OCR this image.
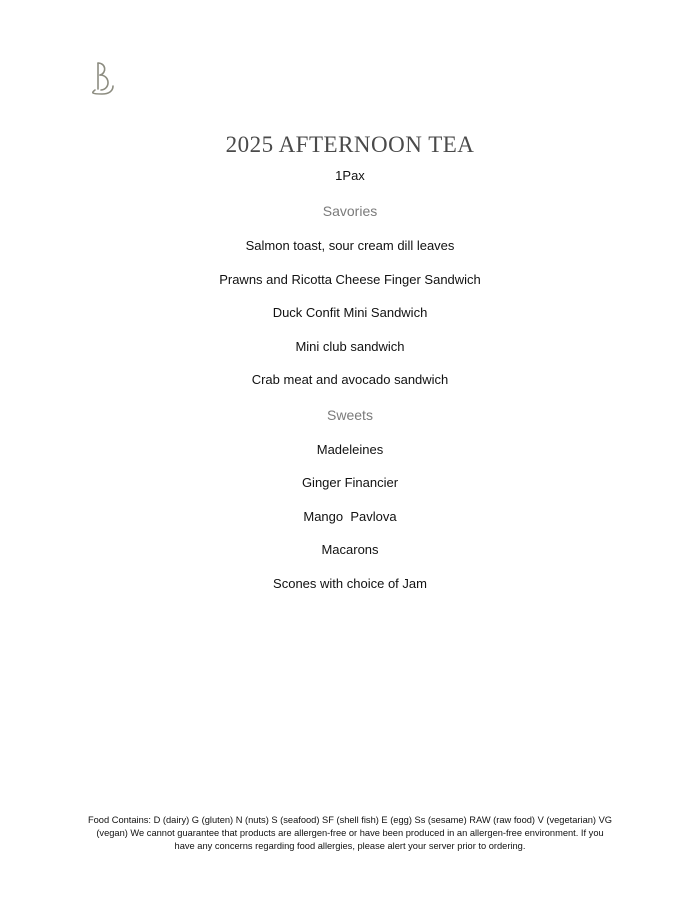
2025 AFTERNOON TEA
1Pax
Savories
Salmon toast, sour cream dill leaves
Prawns and Ricotta Cheese Finger Sandwich
Duck Confit Mini Sandwich
Mini club sandwich
Crab meat and avocado sandwich
Sweets
Madeleines
Ginger Financier
Mango  Pavlova
Macarons
Scones with choice of Jam
Food Contains: D (dairy) G (gluten) N (nuts) S (seafood) SF (shell fish) E (egg) Ss (sesame) RAW (raw food) V (vegetarian) VG (vegan) We cannot guarantee that products are allergen-free or have been produced in an allergen-free environment. If you have any concerns regarding food allergies, please alert your server prior to ordering.
